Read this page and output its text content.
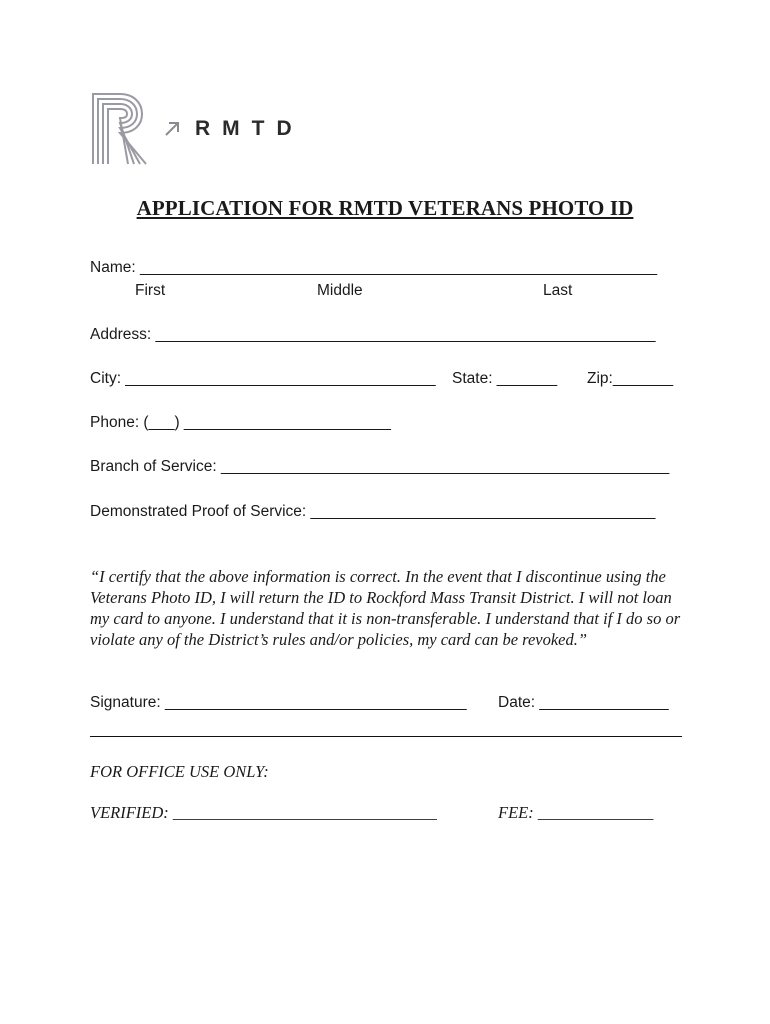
RMTD
APPLICATION FOR RMTD VETERANS PHOTO ID
Name: ____________________________________________________________
First	Middle	Last
Address: __________________________________________________________
City: ____________________________________ State: _______ Zip:_______
Phone: (___) ________________________
Branch of Service: ____________________________________________________
Demonstrated Proof of Service: ________________________________________
“I certify that the above information is correct. In the event that I discontinue using the Veterans Photo ID, I will return the ID to Rockford Mass Transit District. I will not loan my card to anyone. I understand that it is non-transferable. I understand that if I do so or violate any of the District’s rules and/or policies, my card can be revoked.”
Signature: ___________________________________ Date: _______________
FOR OFFICE USE ONLY:
VERIFIED: ________________________________	FEE: ______________
